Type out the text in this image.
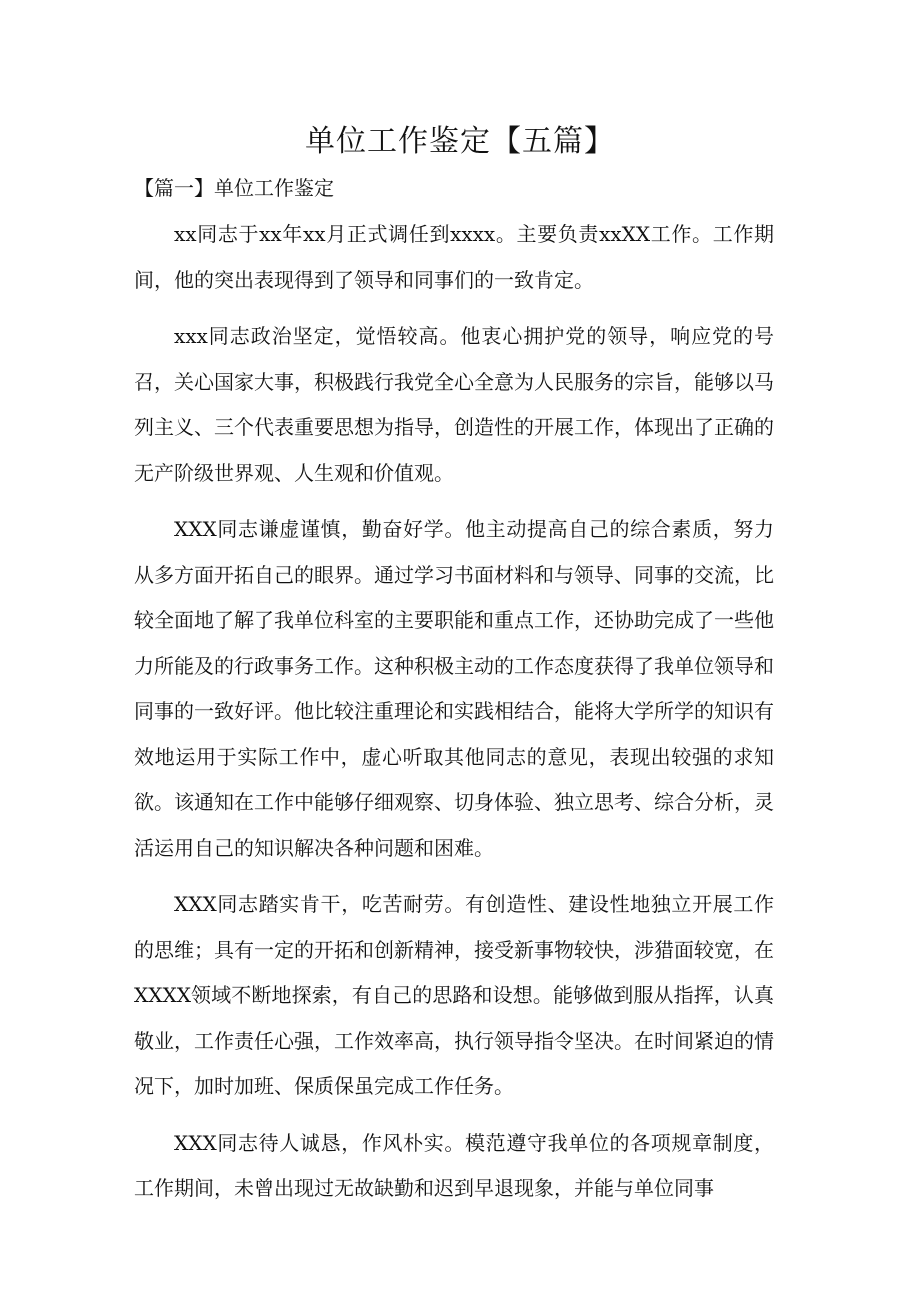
单位工作鉴定【五篇】
【篇一】单位工作鉴定

xx同志于xx年xx月正式调任到xxxx。主要负责xxXX工作。工作期间，他的突出表现得到了领导和同事们的一致肯定。

xxx同志政治坚定，觉悟较高。他衷心拥护党的领导，响应党的号召，关心国家大事，积极践行我党全心全意为人民服务的宗旨，能够以马列主义、三个代表重要思想为指导，创造性的开展工作，体现出了正确的无产阶级世界观、人生观和价值观。

XXX同志谦虚谨慎，勤奋好学。他主动提高自己的综合素质，努力从多方面开拓自己的眼界。通过学习书面材料和与领导、同事的交流，比较全面地了解了我单位科室的主要职能和重点工作，还协助完成了一些他力所能及的行政事务工作。这种积极主动的工作态度获得了我单位领导和同事的一致好评。他比较注重理论和实践相结合，能将大学所学的知识有效地运用于实际工作中，虚心听取其他同志的意见，表现出较强的求知欲。该通知在工作中能够仔细观察、切身体验、独立思考、综合分析，灵活运用自己的知识解决各种问题和困难。

XXX同志踏实肯干，吃苦耐劳。有创造性、建设性地独立开展工作的思维；具有一定的开拓和创新精神，接受新事物较快，涉猎面较宽，在XXXX领域不断地探索，有自己的思路和设想。能够做到服从指挥，认真敬业，工作责任心强，工作效率高，执行领导指令坚决。在时间紧迫的情况下，加时加班、保质保虽完成工作任务。

XXX同志待人诚恳，作风朴实。模范遵守我单位的各项规章制度，工作期间，未曾出现过无故缺勤和迟到早退现象，并能与单位同事
